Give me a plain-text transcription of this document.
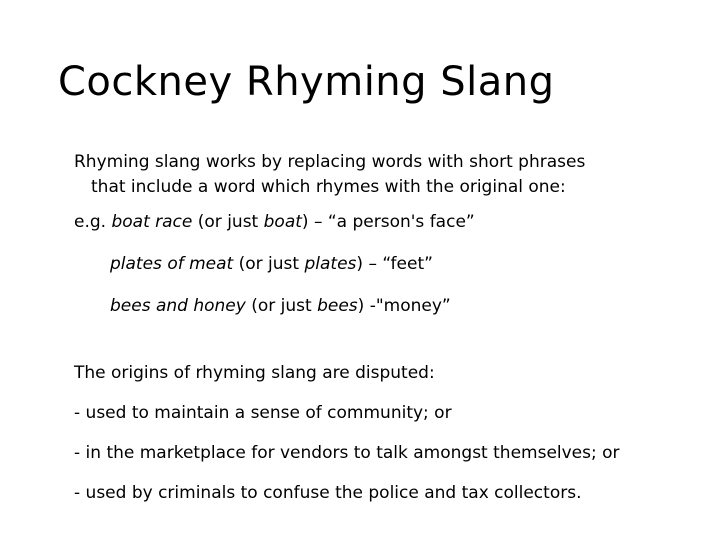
Cockney Rhyming Slang

Rhyming slang works by replacing words with short phrases
that include a word which rhymes with the original one:

e.g. boat race (or just boat) – “a person's face”

plates of meat (or just plates) – “feet”

bees and honey (or just bees) -"money”

The origins of rhyming slang are disputed:

- used to maintain a sense of community; or

- in the marketplace for vendors to talk amongst themselves; or

- used by criminals to confuse the police and tax collectors.
